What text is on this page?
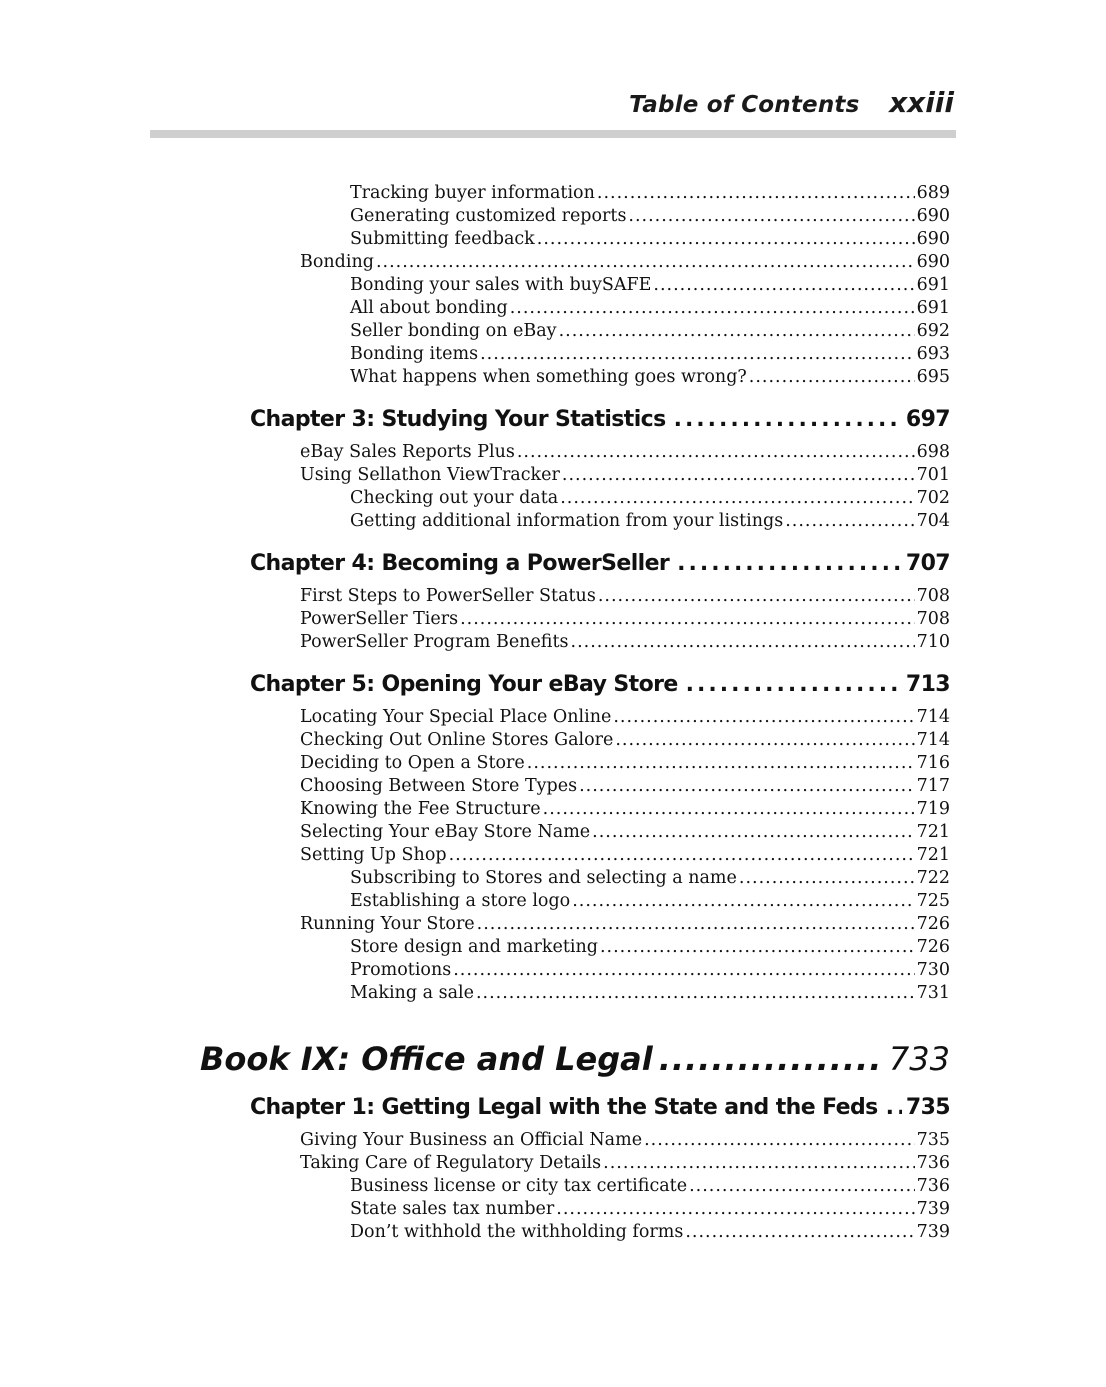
Table of Contents xxiii
Tracking buyer information .....	689
Generating customized reports .....	690
Submitting feedback .....	690
Bonding .....	690
Bonding your sales with buySAFE .....	691
All about bonding .....	691
Seller bonding on eBay .....	692
Bonding items .....	693
What happens when something goes wrong? .....	695
Chapter 3: Studying Your Statistics .....	697
eBay Sales Reports Plus .....	698
Using Sellathon ViewTracker .....	701
Checking out your data .....	702
Getting additional information from your listings .....	704
Chapter 4: Becoming a PowerSeller .....	707
First Steps to PowerSeller Status .....	708
PowerSeller Tiers .....	708
PowerSeller Program Benefits .....	710
Chapter 5: Opening Your eBay Store .....	713
Locating Your Special Place Online .....	714
Checking Out Online Stores Galore .....	714
Deciding to Open a Store .....	716
Choosing Between Store Types .....	717
Knowing the Fee Structure .....	719
Selecting Your eBay Store Name .....	721
Setting Up Shop .....	721
Subscribing to Stores and selecting a name .....	722
Establishing a store logo .....	725
Running Your Store .....	726
Store design and marketing .....	726
Promotions .....	730
Making a sale .....	731
Book IX: Office and Legal .....	733
Chapter 1: Getting Legal with the State and the Feds ..... 735
Giving Your Business an Official Name .....	735
Taking Care of Regulatory Details .....	736
Business license or city tax certificate .....	736
State sales tax number .....	739
Don’t withhold the withholding forms .....	739
